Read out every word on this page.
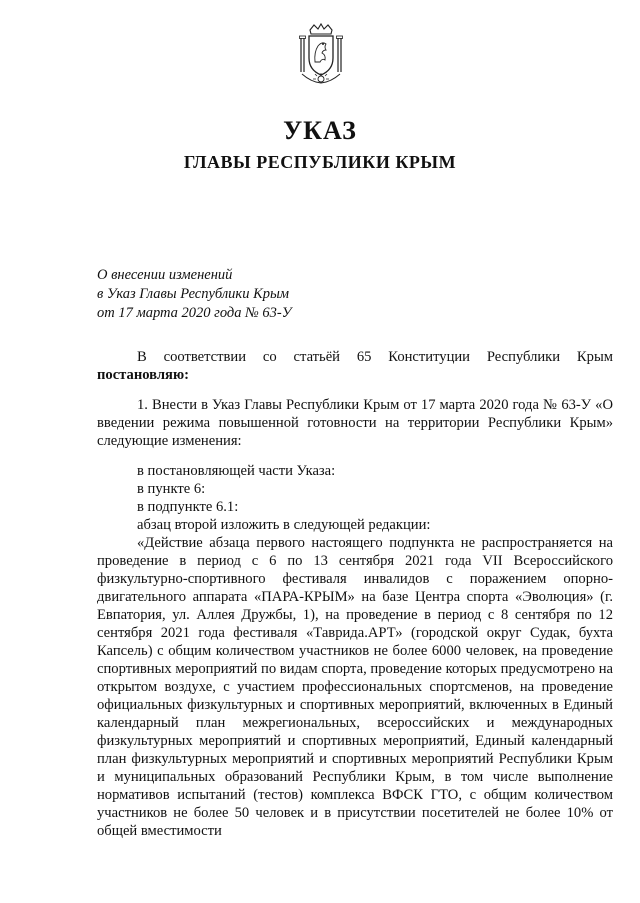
УКАЗ
ГЛАВЫ РЕСПУБЛИКИ КРЫМ
О внесении изменений
в Указ Главы Республики Крым
от 17 марта 2020 года № 63-У

В соответствии со статьёй 65 Конституции Республики Крым постановляю:

1. Внести в Указ Главы Республики Крым от 17 марта 2020 года № 63-У «О введении режима повышенной готовности на территории Республики Крым» следующие изменения:

в постановляющей части Указа:

в пункте 6:

в подпункте 6.1:

абзац второй изложить в следующей редакции:

«Действие абзаца первого настоящего подпункта не распространяется на проведение в период с 6 по 13 сентября 2021 года VII Всероссийского физкультурно-спортивного фестиваля инвалидов с поражением опорно-двигательного аппарата «ПАРА-КРЫМ» на базе Центра спорта «Эволюция» (г. Евпатория, ул. Аллея Дружбы, 1), на проведение в период с 8 сентября по 12 сентября 2021 года фестиваля «Таврида.АРТ» (городской округ Судак, бухта Капсель) с общим количеством участников не более 6000 человек, на проведение спортивных мероприятий по видам спорта, проведение которых предусмотрено на открытом воздухе, с участием профессиональных спортсменов, на проведение официальных физкультурных и спортивных мероприятий, включенных в Единый календарный план межрегиональных, всероссийских и международных физкультурных мероприятий и спортивных мероприятий, Единый календарный план физкультурных мероприятий и спортивных мероприятий Республики Крым и муниципальных образований Республики Крым, в том числе выполнение нормативов испытаний (тестов) комплекса ВФСК ГТО, с общим количеством участников не более 50 человек и в присутствии посетителей не более 10% от общей вместимости
